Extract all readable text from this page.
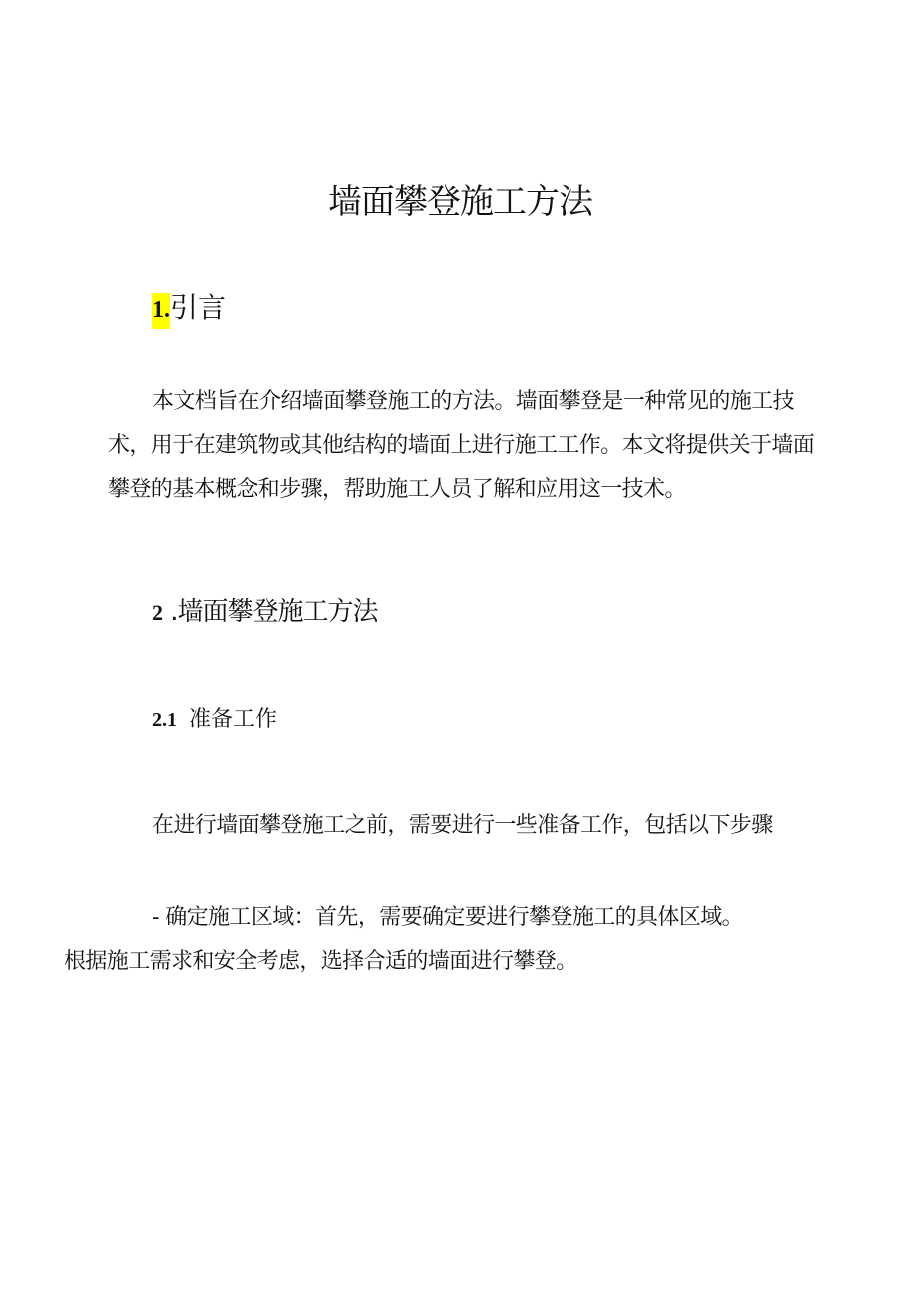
墙面攀登施工方法
1.引言

本文档旨在介绍墙面攀登施工的方法。墙面攀登是一种常见的施工技术，用于在建筑物或其他结构的墙面上进行施工工作。本文将提供关于墙面攀登的基本概念和步骤，帮助施工人员了解和应用这一技术。

2 .墙面攀登施工方法
2.1 准备工作

在进行墙面攀登施工之前，需要进行一些准备工作，包括以下步骤

- 确定施工区域：首先，需要确定要进行攀登施工的具体区域。
根据施工需求和安全考虑，选择合适的墙面进行攀登。
